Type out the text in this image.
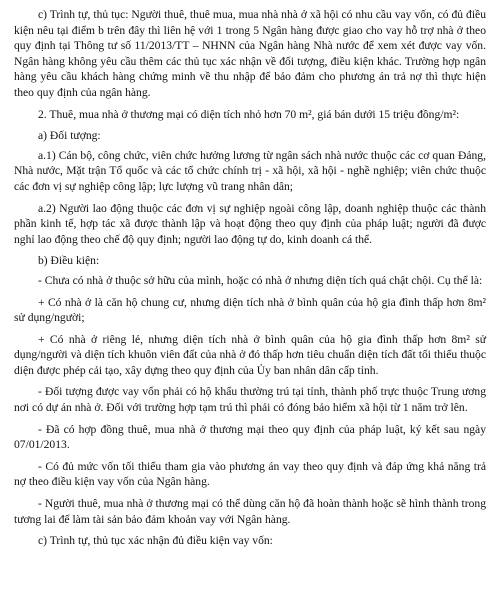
c) Trình tự, thủ tục: Người thuê, thuê mua, mua nhà nhà ở xã hội có nhu cầu vay vốn, có đủ điều kiện nêu tại điểm b trên đây thì liên hệ với 1 trong 5 Ngân hàng được giao cho vay hỗ trợ nhà ở theo quy định tại Thông tư số 11/2013/TT – NHNN của Ngân hàng Nhà nước để xem xét được vay vốn. Ngân hàng không yêu cầu thêm các thủ tục xác nhận về đối tượng, điều kiện khác. Trường hợp ngân hàng yêu cầu khách hàng chứng minh về thu nhập để bảo đảm cho phương án trả nợ thì thực hiện theo quy định của ngân hàng.

2. Thuê, mua nhà ở thương mại có diện tích nhỏ hơn 70 m², giá bán dưới 15 triệu đồng/m²:

a) Đối tượng:

a.1) Cán bộ, công chức, viên chức hưởng lương từ ngân sách nhà nước thuộc các cơ quan Đảng, Nhà nước, Mặt trận Tổ quốc và các tổ chức chính trị - xã hội, xã hội - nghề nghiệp; viên chức thuộc các đơn vị sự nghiệp công lập; lực lượng vũ trang nhân dân;

a.2) Người lao động thuộc các đơn vị sự nghiệp ngoài công lập, doanh nghiệp thuộc các thành phần kinh tế, hợp tác xã được thành lập và hoạt động theo quy định của pháp luật; người đã được nghỉ lao động theo chế độ quy định; người lao động tự do, kinh doanh cá thể.

b) Điều kiện:

- Chưa có nhà ở thuộc sở hữu của mình, hoặc có nhà ở nhưng diện tích quá chật chội. Cụ thể là:

+ Có nhà ở là căn hộ chung cư, nhưng diện tích nhà ở bình quân của hộ gia đình thấp hơn 8m² sử dụng/người;

+ Có nhà ở riêng lẻ, nhưng diện tích nhà ở bình quân của hộ gia đình thấp hơn 8m² sử dụng/người và diện tích khuôn viên đất của nhà ở đó thấp hơn tiêu chuẩn diện tích đất tối thiểu thuộc diện được phép cải tạo, xây dựng theo quy định của Ủy ban nhân dân cấp tỉnh.

- Đối tượng được vay vốn phải có hộ khẩu thường trú tại tỉnh, thành phố trực thuộc Trung ương nơi có dự án nhà ở. Đối với trường hợp tạm trú thì phải có đóng bảo hiểm xã hội từ 1 năm trở lên.

- Đã có hợp đồng thuê, mua nhà ở thương mại theo quy định của pháp luật, ký kết sau ngày 07/01/2013.

- Có đủ mức vốn tối thiểu tham gia vào phương án vay theo quy định và đáp ứng khả năng trả nợ theo điều kiện vay vốn của Ngân hàng.

- Người thuê, mua nhà ở thương mại có thể dùng căn hộ đã hoàn thành hoặc sẽ hình thành trong tương lai để làm tài sản bảo đảm khoản vay với Ngân hàng.

c) Trình tự, thủ tục xác nhận đủ điều kiện vay vốn:
